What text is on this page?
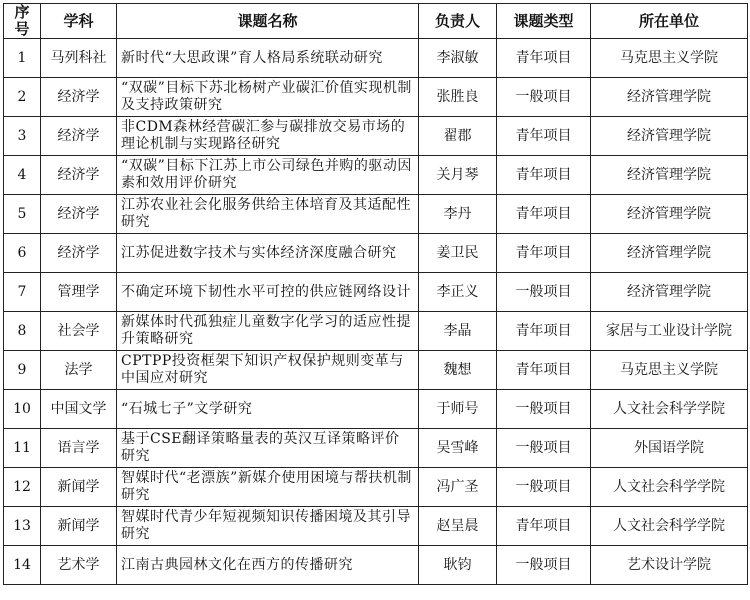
序号	学科	课题名称	负责人	课题类型	所在单位
1	马列科社	新时代“大思政课”育人格局系统联动研究	李淑敏	青年项目	马克思主义学院
2	经济学	“双碳”目标下苏北杨树产业碳汇价值实现机制及支持政策研究	张胜良	一般项目	经济管理学院
3	经济学	非CDM森林经营碳汇参与碳排放交易市场的理论机制与实现路径研究	翟郡	青年项目	经济管理学院
4	经济学	“双碳”目标下江苏上市公司绿色并购的驱动因素和效用评价研究	关月琴	青年项目	经济管理学院
5	经济学	江苏农业社会化服务供给主体培育及其适配性研究	李丹	青年项目	经济管理学院
6	经济学	江苏促进数字技术与实体经济深度融合研究	姜卫民	青年项目	经济管理学院
7	管理学	不确定环境下韧性水平可控的供应链网络设计	李正义	一般项目	经济管理学院
8	社会学	新媒体时代孤独症儿童数字化学习的适应性提升策略研究	李晶	青年项目	家居与工业设计学院
9	法学	CPTPP投资框架下知识产权保护规则变革与中国应对研究	魏想	青年项目	马克思主义学院
10	中国文学	“石城七子”文学研究	于师号	一般项目	人文社会科学学院
11	语言学	基于CSE翻译策略量表的英汉互译策略评价研究	吴雪峰	一般项目	外国语学院
12	新闻学	智媒时代“老漂族”新媒介使用困境与帮扶机制研究	冯广圣	一般项目	人文社会科学学院
13	新闻学	智媒时代青少年短视频知识传播困境及其引导研究	赵呈晨	青年项目	人文社会科学学院
14	艺术学	江南古典园林文化在西方的传播研究	耿钧	一般项目	艺术设计学院
